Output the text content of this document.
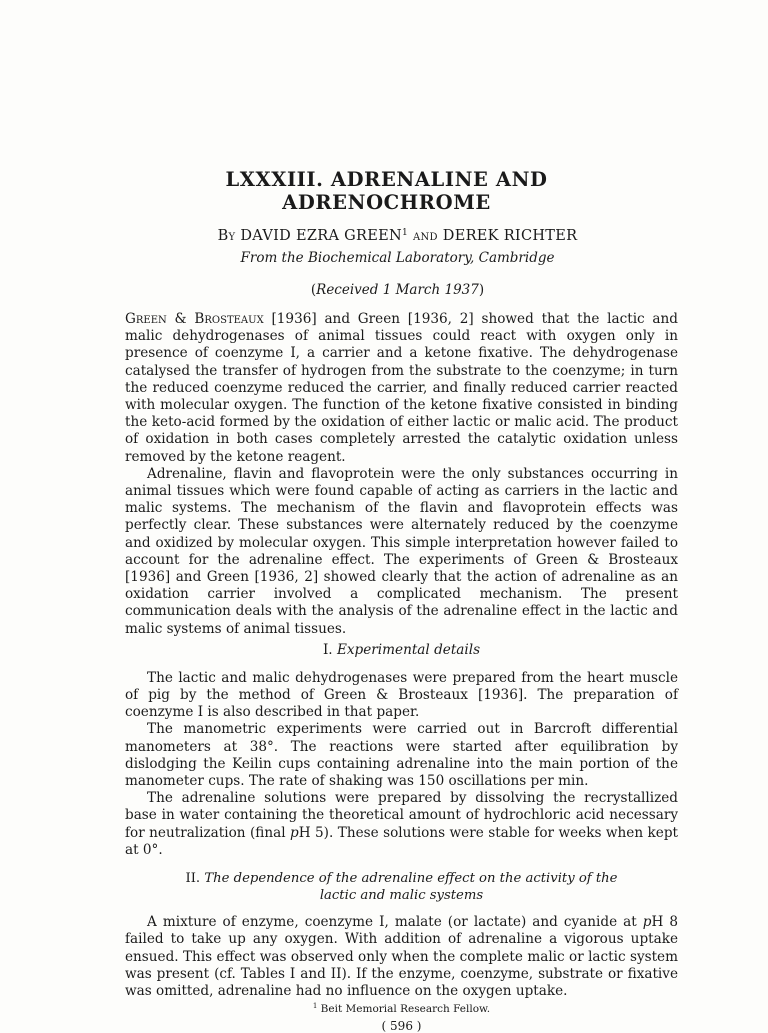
LXXXIII. ADRENALINE AND ADRENOCHROME
By DAVID EZRA GREEN$^1$ and DEREK RICHTER
From the Biochemical Laboratory, Cambridge
(Received 1 March 1937)

Green & Brosteaux [1936] and Green [1936, 2] showed that the lactic and malic dehydrogenases of animal tissues could react with oxygen only in presence of coenzyme I, a carrier and a ketone fixative. The dehydrogenase catalysed the transfer of hydrogen from the substrate to the coenzyme; in turn the reduced coenzyme reduced the carrier, and finally reduced carrier reacted with molecular oxygen. The function of the ketone fixative consisted in binding the keto-acid formed by the oxidation of either lactic or malic acid. The product of oxidation in both cases completely arrested the catalytic oxidation unless removed by the ketone reagent.

Adrenaline, flavin and flavoprotein were the only substances occurring in animal tissues which were found capable of acting as carriers in the lactic and malic systems. The mechanism of the flavin and flavoprotein effects was perfectly clear. These substances were alternately reduced by the coenzyme and oxidized by molecular oxygen. This simple interpretation however failed to account for the adrenaline effect. The experiments of Green & Brosteaux [1936] and Green [1936, 2] showed clearly that the action of adrenaline as an oxidation carrier involved a complicated mechanism. The present communication deals with the analysis of the adrenaline effect in the lactic and malic systems of animal tissues.

I. Experimental details

The lactic and malic dehydrogenases were prepared from the heart muscle of pig by the method of Green & Brosteaux [1936]. The preparation of coenzyme I is also described in that paper.

The manometric experiments were carried out in Barcroft differential manometers at 38°. The reactions were started after equilibration by dislodging the Keilin cups containing adrenaline into the main portion of the manometer cups. The rate of shaking was 150 oscillations per min.

The adrenaline solutions were prepared by dissolving the recrystallized base in water containing the theoretical amount of hydrochloric acid necessary for neutralization (final pH 5). These solutions were stable for weeks when kept at 0°.

II. The dependence of the adrenaline effect on the activity of the
lactic and malic systems

A mixture of enzyme, coenzyme I, malate (or lactate) and cyanide at pH 8 failed to take up any oxygen. With addition of adrenaline a vigorous uptake ensued. This effect was observed only when the complete malic or lactic system was present (cf. Tables I and II). If the enzyme, coenzyme, substrate or fixative was omitted, adrenaline had no influence on the oxygen uptake.

$^1$ Beit Memorial Research Fellow.
( 596 )
